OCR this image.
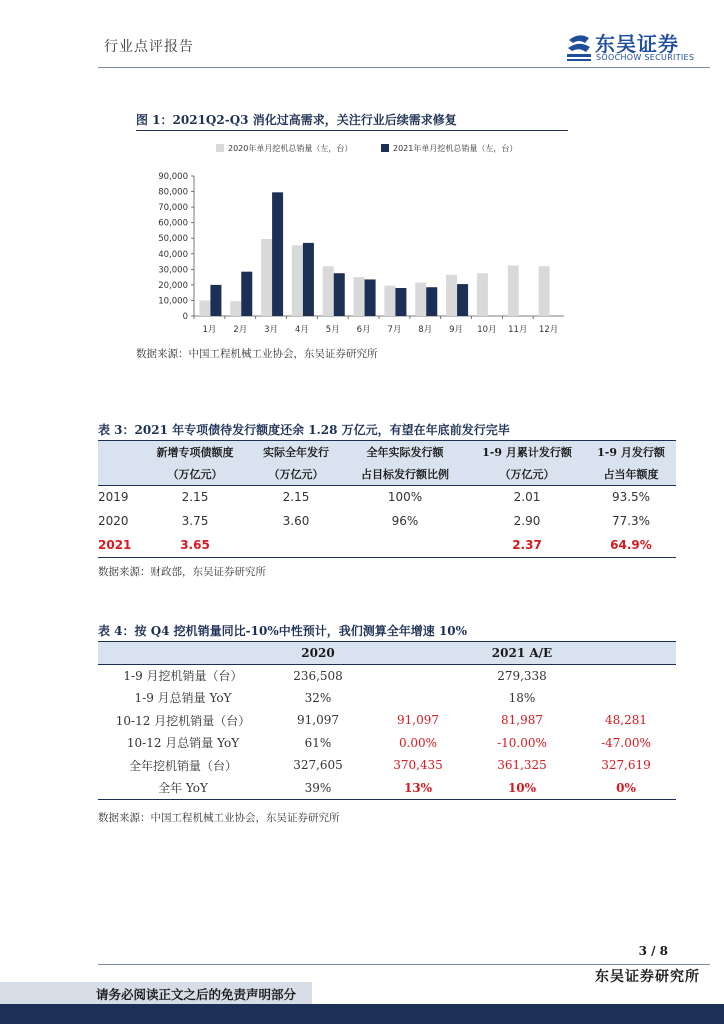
行业点评报告	东吴证券
SOOCHOW SECURITIES
图 1：2021Q2-Q3 消化过高需求，关注行业后续需求修复
2020年单月挖机总销量（左，台）	2021年单月挖机总销量（左，台）
90,000
80,000
70,000
60,000
50,000
40,000
30,000
20,000
10,000
0
1月 2月 3月 4月 5月 6月 7月 8月 9月 10月 11月 12月
数据来源：中国工程机械工业协会，东吴证券研究所
表 3：2021 年专项债待发行额度还余 1.28 万亿元，有望在年底前发行完毕
	新增专项债额度	实际全年发行	全年实际发行额	1-9 月累计发行额	1-9 月发行额
	（万亿元）	（万亿元）	占目标发行额比例	（万亿元）	占当年额度
2019	2.15	2.15	100%	2.01	93.5%
2020	3.75	3.60	96%	2.90	77.3%
2021	3.65			2.37	64.9%
数据来源：财政部，东吴证券研究所
表 4：按 Q4 挖机销量同比-10%中性预计，我们测算全年增速 10%
	2020	2021 A/E		
1-9 月挖机销量（台）	236,508		279,338	
1-9 月总销量 YoY	32%		18%	
10-12 月挖机销量（台）	91,097	91,097	81,987	48,281
10-12 月总销量 YoY	61%	0.00%	-10.00%	-47.00%
全年挖机销量（台）	327,605	370,435	361,325	327,619
全年 YoY	39%	13%	10%	0%
数据来源：中国工程机械工业协会，东吴证券研究所
3 / 8
东吴证券研究所
请务必阅读正文之后的免责声明部分
